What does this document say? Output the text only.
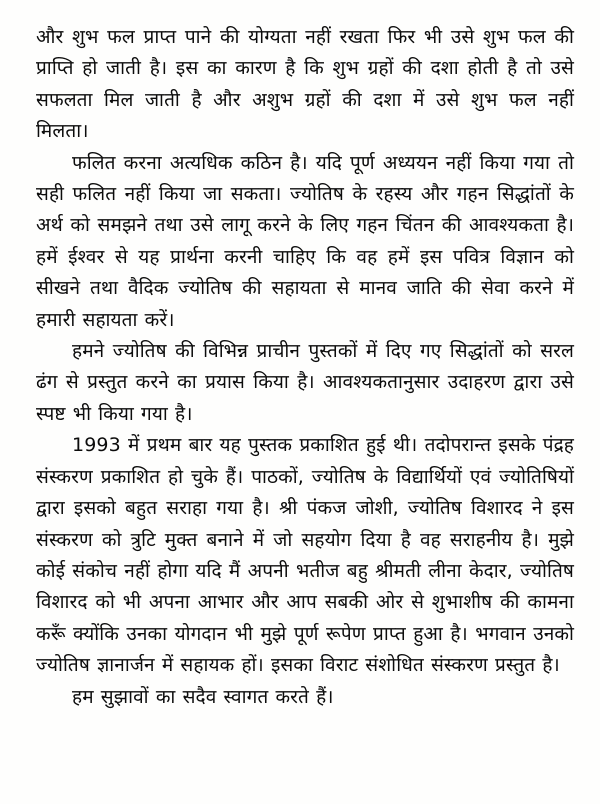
और शुभ फल प्राप्त पाने की योग्यता नहीं रखता फिर भी उसे शुभ फल की प्राप्ति हो जाती है। इस का कारण है कि शुभ ग्रहों की दशा होती है तो उसे सफलता मिल जाती है और अशुभ ग्रहों की दशा में उसे शुभ फल नहीं मिलता।

फलित करना अत्यधिक कठिन है। यदि पूर्ण अध्ययन नहीं किया गया तो सही फलित नहीं किया जा सकता। ज्योतिष के रहस्य और गहन सिद्धांतों के अर्थ को समझने तथा उसे लागू करने के लिए गहन चिंतन की आवश्यकता है। हमें ईश्वर से यह प्रार्थना करनी चाहिए कि वह हमें इस पवित्र विज्ञान को सीखने तथा वैदिक ज्योतिष की सहायता से मानव जाति की सेवा करने में हमारी सहायता करें।

हमने ज्योतिष की विभिन्न प्राचीन पुस्तकों में दिए गए सिद्धांतों को सरल ढंग से प्रस्तुत करने का प्रयास किया है। आवश्यकतानुसार उदाहरण द्वारा उसे स्पष्ट भी किया गया है।

1993 में प्रथम बार यह पुस्तक प्रकाशित हुई थी। तदोपरान्त इसके पंद्रह संस्करण प्रकाशित हो चुके हैं। पाठकों, ज्योतिष के विद्यार्थियों एवं ज्योतिषियों द्वारा इसको बहुत सराहा गया है। श्री पंकज जोशी, ज्योतिष विशारद ने इस संस्करण को त्रुटि मुक्त बनाने में जो सहयोग दिया है वह सराहनीय है। मुझे कोई संकोच नहीं होगा यदि मैं अपनी भतीज बहु श्रीमती लीना केदार, ज्योतिष विशारद को भी अपना आभार और आप सबकी ओर से शुभाशीष की कामना करूँ क्योंकि उनका योगदान भी मुझे पूर्ण रूपेण प्राप्त हुआ है। भगवान उनको ज्योतिष ज्ञानार्जन में सहायक हों। इसका विराट संशोधित संस्करण प्रस्तुत है।

हम सुझावों का सदैव स्वागत करते हैं।
